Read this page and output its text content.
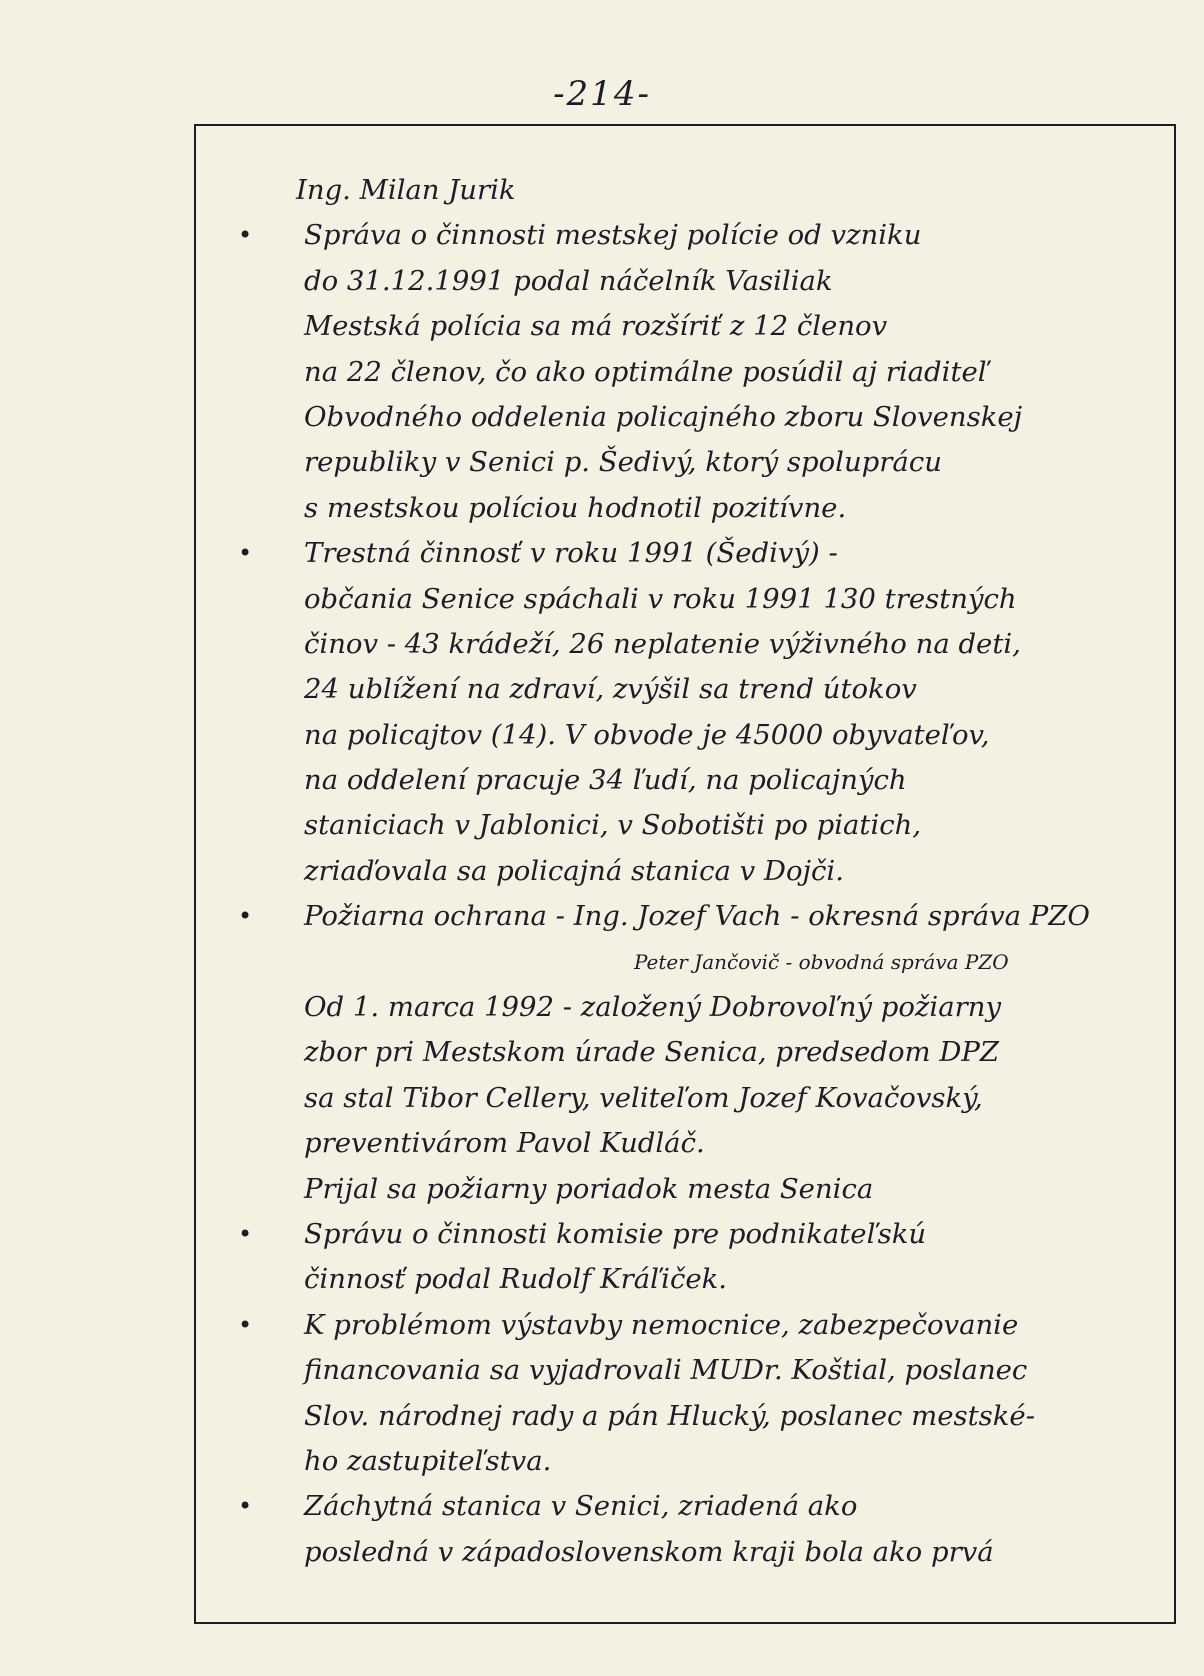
-214-
Ing. Milan Jurik
• Správa o činnosti mestskej polície od vzniku
do 31.12.1991 podal náčelník Vasiliak
Mestská polícia sa má rozšíriť z 12 členov
na 22 členov, čo ako optimálne posúdil aj riaditeľ
Obvodného oddelenia policajného zboru Slovenskej
republiky v Senici p. Šedivý, ktorý spoluprácu
s mestskou políciou hodnotil pozitívne.
• Trestná činnosť v roku 1991 (Šedivý) -
občania Senice spáchali v roku 1991 130 trestných
činov - 43 krádeží, 26 neplatenie výživného na deti,
24 ublížení na zdraví, zvýšil sa trend útokov
na policajtov (14). V obvode je 45000 obyvateľov,
na oddelení pracuje 34 ľudí, na policajných
staniciach v Jablonici, v Sobotišti po piatich,
zriaďovala sa policajná stanica v Dojči.
• Požiarna ochrana - Ing. Jozef Vach - okresná správa PZO
Peter Jančovič - obvodná správa PZO
Od 1. marca 1992 - založený Dobrovoľný požiarny
zbor pri Mestskom úrade Senica, predsedom DPZ
sa stal Tibor Cellery, veliteľom Jozef Kovačovský,
preventivárom Pavol Kudláč.
Prijal sa požiarny poriadok mesta Senica
• Správu o činnosti komisie pre podnikateľskú
činnosť podal Rudolf Kráľiček.
• K problémom výstavby nemocnice, zabezpečovanie
financovania sa vyjadrovali MUDr. Koštial, poslanec
Slov. národnej rady a pán Hlucký, poslanec mestské-
ho zastupiteľstva.
• Záchytná stanica v Senici, zriadená ako
posledná v západoslovenskom kraji bola ako prvá
